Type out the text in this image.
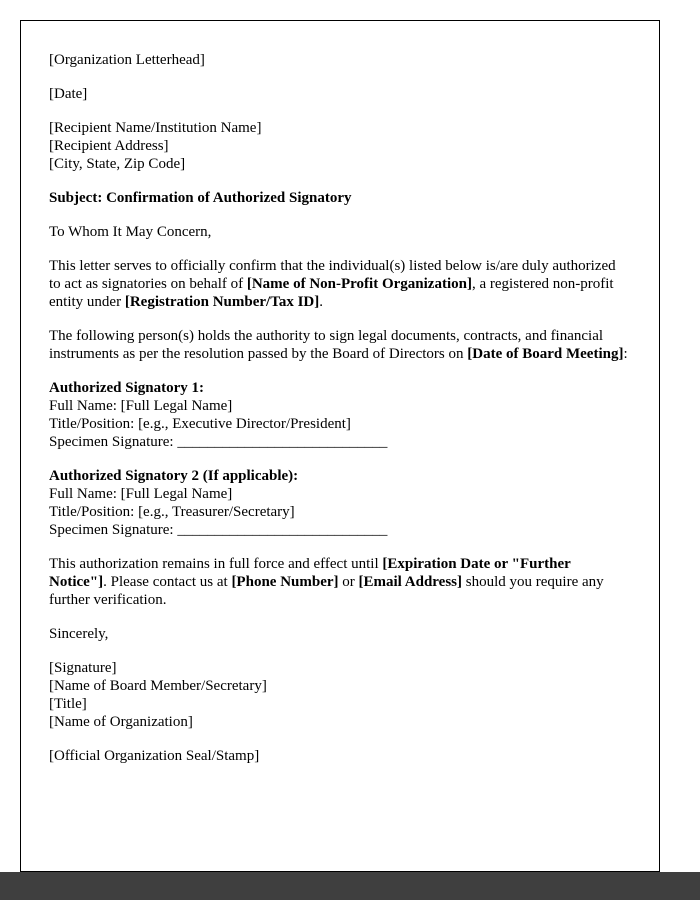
[Organization Letterhead]

[Date]

[Recipient Name/Institution Name]
[Recipient Address]
[City, State, Zip Code]

Subject: Confirmation of Authorized Signatory

To Whom It May Concern,

This letter serves to officially confirm that the individual(s) listed below is/are duly authorized to act as signatories on behalf of [Name of Non-Profit Organization], a registered non-profit entity under [Registration Number/Tax ID].

The following person(s) holds the authority to sign legal documents, contracts, and financial instruments as per the resolution passed by the Board of Directors on [Date of Board Meeting]:

Authorized Signatory 1:
Full Name: [Full Legal Name]
Title/Position: [e.g., Executive Director/President]
Specimen Signature: ____________________________
Authorized Signatory 2 (If applicable):
Full Name: [Full Legal Name]
Title/Position: [e.g., Treasurer/Secretary]
Specimen Signature: ____________________________

This authorization remains in full force and effect until [Expiration Date or "Further Notice"]. Please contact us at [Phone Number] or [Email Address] should you require any further verification.

Sincerely,

[Signature]
[Name of Board Member/Secretary]
[Title]
[Name of Organization]

[Official Organization Seal/Stamp]
